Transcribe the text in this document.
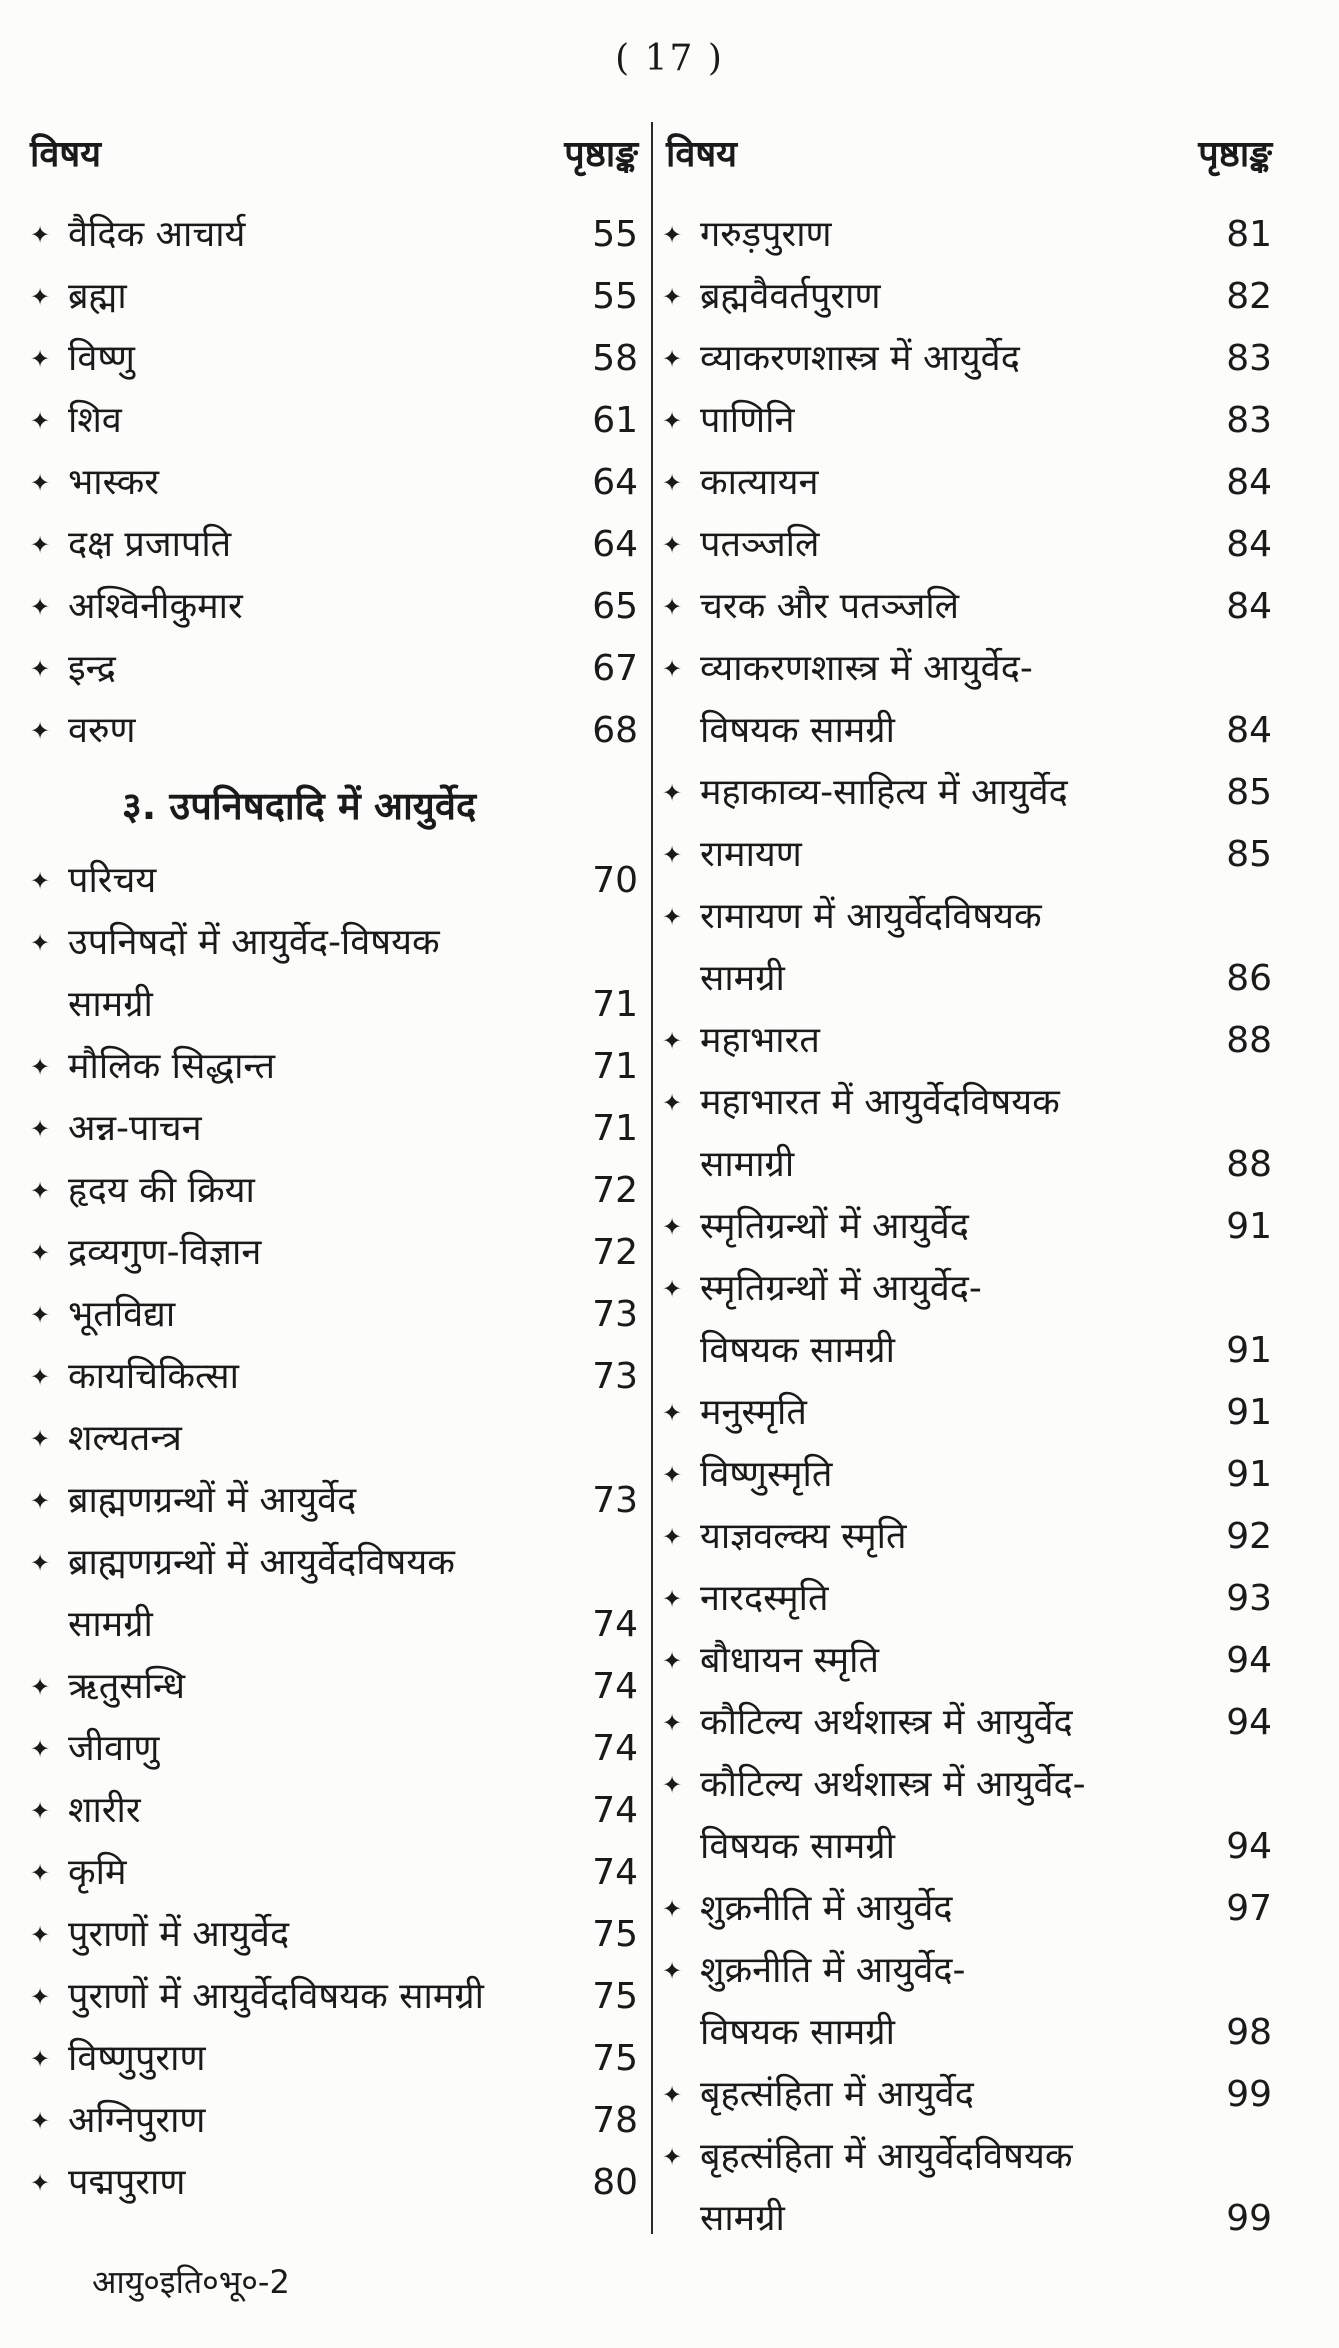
( 17 )
विषय	पृष्ठाङ्क
✦ वैदिक आचार्य	55
✦ ब्रह्मा	55
✦ विष्णु	58
✦ शिव	61
✦ भास्कर	64
✦ दक्ष प्रजापति	64
✦ अश्विनीकुमार	65
✦ इन्द्र	67
✦ वरुण	68
३. उपनिषदादि में आयुर्वेद
✦ परिचय	70
✦ उपनिषदों में आयुर्वेद-विषयक
सामग्री	71
✦ मौलिक सिद्धान्त	71
✦ अन्न-पाचन	71
✦ हृदय की क्रिया	72
✦ द्रव्यगुण-विज्ञान	72
✦ भूतविद्या	73
✦ कायचिकित्सा	73
✦ शल्यतन्त्र
✦ ब्राह्मणग्रन्थों में आयुर्वेद	73
✦ ब्राह्मणग्रन्थों में आयुर्वेदविषयक
सामग्री	74
✦ ऋतुसन्धि	74
✦ जीवाणु	74
✦ शारीर	74
✦ कृमि	74
✦ पुराणों में आयुर्वेद	75
✦ पुराणों में आयुर्वेदविषयक सामग्री	75
✦ विष्णुपुराण	75
✦ अग्निपुराण	78
✦ पद्मपुराण	80
विषय	पृष्ठाङ्क
✦ गरुड़पुराण	81
✦ ब्रह्मवैवर्तपुराण	82
✦ व्याकरणशास्त्र में आयुर्वेद	83
✦ पाणिनि	83
✦ कात्यायन	84
✦ पतञ्जलि	84
✦ चरक और पतञ्जलि	84
✦ व्याकरणशास्त्र में आयुर्वेद-
विषयक सामग्री	84
✦ महाकाव्य-साहित्य में आयुर्वेद	85
✦ रामायण	85
✦ रामायण में आयुर्वेदविषयक
सामग्री	86
✦ महाभारत	88
✦ महाभारत में आयुर्वेदविषयक
सामाग्री	88
✦ स्मृतिग्रन्थों में आयुर्वेद	91
✦ स्मृतिग्रन्थों में आयुर्वेद-
विषयक सामग्री	91
✦ मनुस्मृति	91
✦ विष्णुस्मृति	91
✦ याज्ञवल्क्य स्मृति	92
✦ नारदस्मृति	93
✦ बौधायन स्मृति	94
✦ कौटिल्य अर्थशास्त्र में आयुर्वेद	94
✦ कौटिल्य अर्थशास्त्र में आयुर्वेद-
विषयक सामग्री	94
✦ शुक्रनीति में आयुर्वेद	97
✦ शुक्रनीति में आयुर्वेद-
विषयक सामग्री	98
✦ बृहत्संहिता में आयुर्वेद	99
✦ बृहत्संहिता में आयुर्वेदविषयक
सामग्री	99
आयु०इति०भू०-2
